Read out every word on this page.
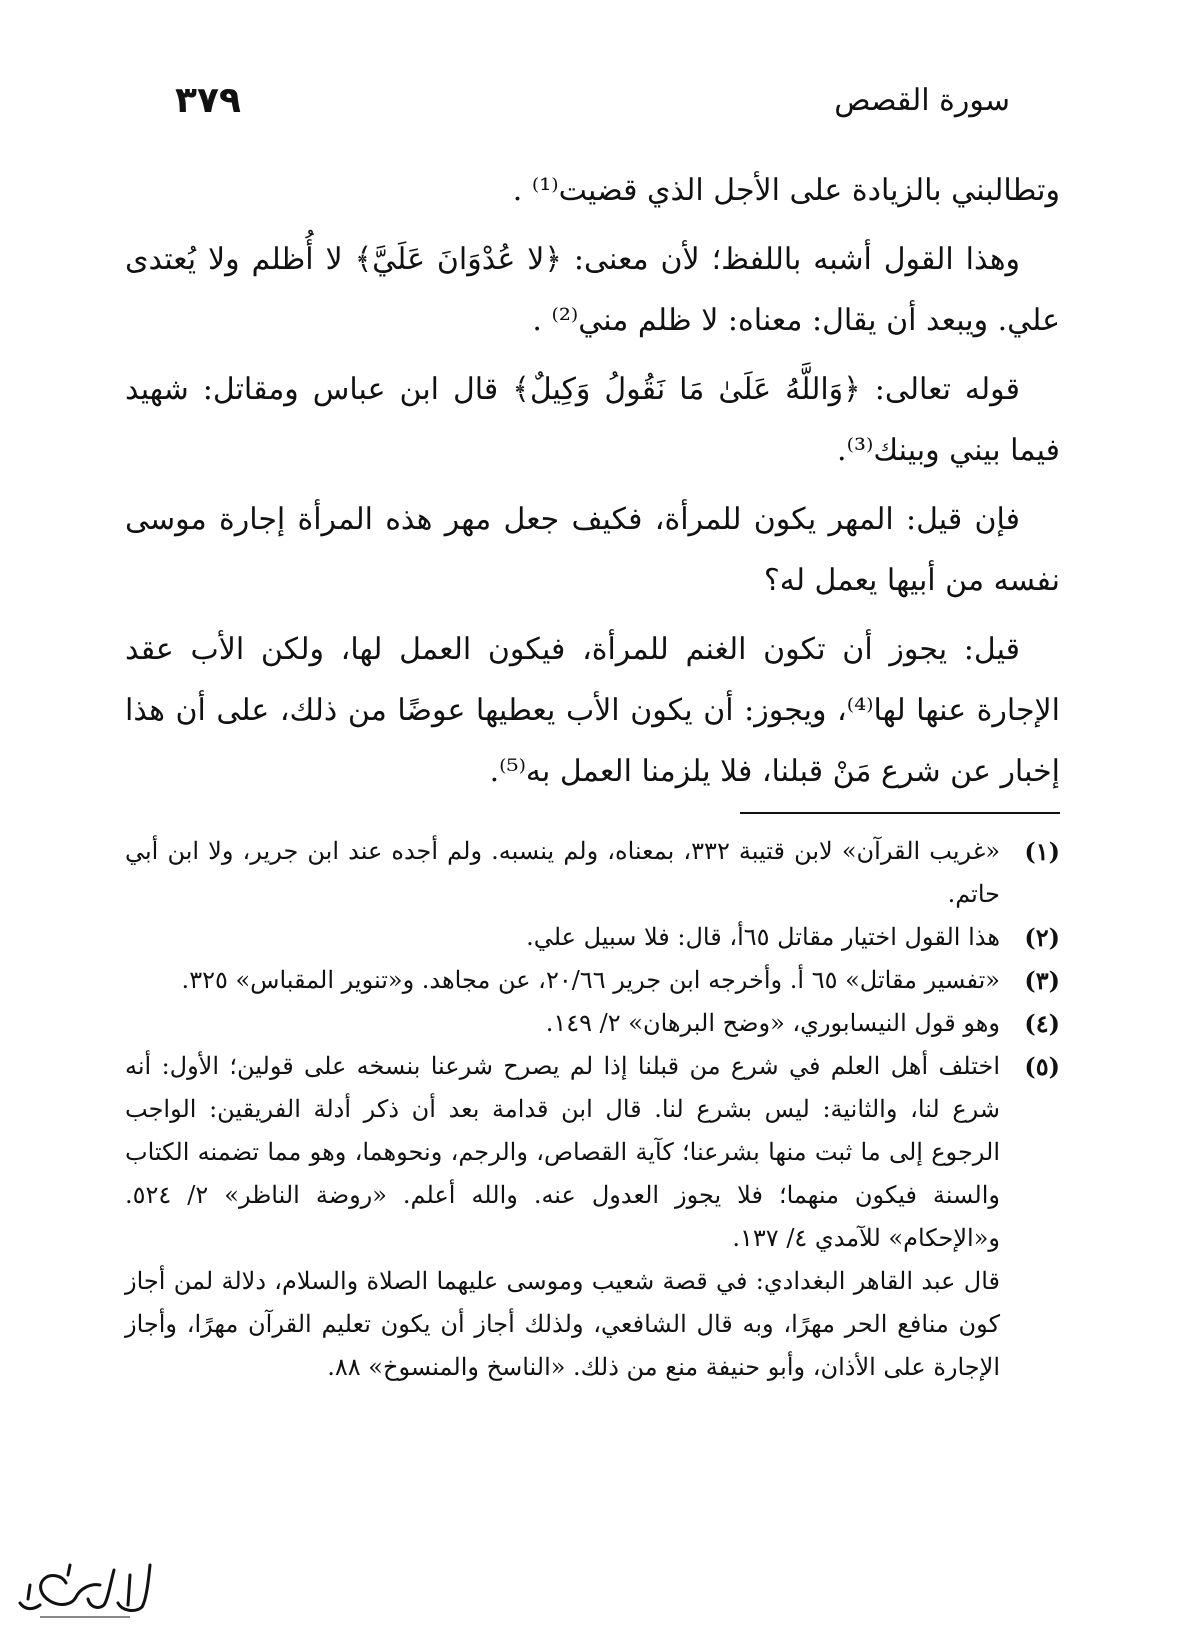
٣٧٩	سورة القصص

وتطالبني بالزيادة على الأجل الذي قضيت⁽¹⁾ .

وهذا القول أشبه باللفظ؛ لأن معنى: ﴿لا عُدْوَانَ عَلَيَّ﴾ لا أُظلم ولا يُعتدى علي. ويبعد أن يقال: معناه: لا ظلم مني⁽²⁾ .

قوله تعالى: ﴿وَاللَّهُ عَلَىٰ مَا نَقُولُ وَكِيلٌ﴾ قال ابن عباس ومقاتل: شهيد فيما بيني وبينك⁽³⁾.

فإن قيل: المهر يكون للمرأة، فكيف جعل مهر هذه المرأة إجارة موسى نفسه من أبيها يعمل له؟

قيل: يجوز أن تكون الغنم للمرأة، فيكون العمل لها، ولكن الأب عقد الإجارة عنها لها⁽⁴⁾، ويجوز: أن يكون الأب يعطيها عوضًا من ذلك، على أن هذا إخبار عن شرع مَنْ قبلنا، فلا يلزمنا العمل به⁽⁵⁾.

(١)
«غريب القرآن» لابن قتيبة ٣٣٢، بمعناه، ولم ينسبه. ولم أجده عند ابن جرير، ولا ابن أبي حاتم.
(٢)
هذا القول اختيار مقاتل ٦٥أ، قال: فلا سبيل علي.
(٣)
«تفسير مقاتل» ٦٥ أ. وأخرجه ابن جرير ٢٠/٦٦، عن مجاهد. و«تنوير المقباس» ٣٢٥.
(٤)
وهو قول النيسابوري، «وضح البرهان» ٢/ ١٤٩.
(٥)
اختلف أهل العلم في شرع من قبلنا إذا لم يصرح شرعنا بنسخه على قولين؛ الأول: أنه شرع لنا، والثانية: ليس بشرع لنا. قال ابن قدامة بعد أن ذكر أدلة الفريقين: الواجب الرجوع إلى ما ثبت منها بشرعنا؛ كآية القصاص، والرجم، ونحوهما، وهو مما تضمنه الكتاب والسنة فيكون منهما؛ فلا يجوز العدول عنه. والله أعلم. «روضة الناظر» ٢/ ٥٢٤. و«الإحكام» للآمدي ٤/ ١٣٧.
قال عبد القاهر البغدادي: في قصة شعيب وموسى عليهما الصلاة والسلام، دلالة لمن أجاز كون منافع الحر مهرًا، وبه قال الشافعي، ولذلك أجاز أن يكون تعليم القرآن مهرًا، وأجاز الإجارة على الأذان، وأبو حنيفة منع من ذلك. «الناسخ والمنسوخ» ٨٨.
